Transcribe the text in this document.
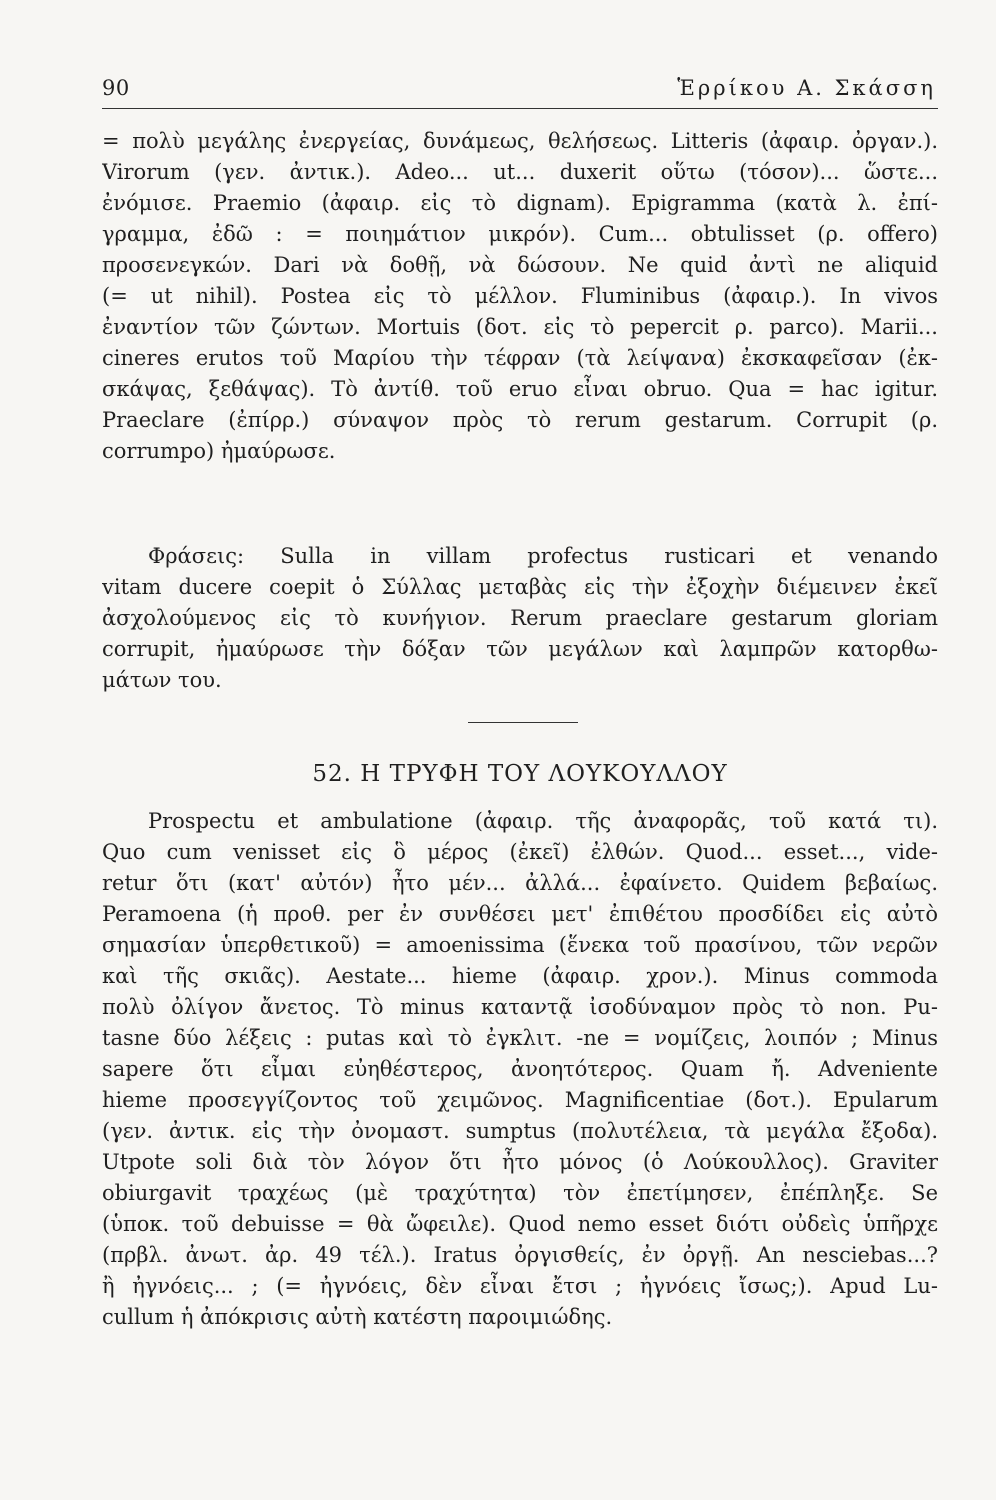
90	Ἑρρίκου Α. Σκάσση
= πολὺ μεγάλης ἐνεργείας, δυνάμεως, θελήσεως. Litteris (ἀφαιρ. ὀργαν.).
Virorum (γεν. ἀντικ.). Adeo... ut... duxerit οὕτω (τόσον)... ὥστε...
ἐνόμισε. Praemio (ἀφαιρ. εἰς τὸ dignam). Epigramma (κατὰ λ. ἐπί-
γραμμα, ἐδῶ : = ποιημάτιον μικρόν). Cum... obtulisset (ρ. offero)
προσενεγκών. Dari νὰ δοθῇ, νὰ δώσουν. Ne quid ἀντὶ ne aliquid
(= ut nihil). Postea εἰς τὸ μέλλον. Fluminibus (ἀφαιρ.). In vivos
ἐναντίον τῶν ζώντων. Mortuis (δοτ. εἰς τὸ pepercit ρ. parco). Marii...
cineres erutos τοῦ Μαρίου τὴν τέφραν (τὰ λείψανα) ἐκσκαφεῖσαν (ἐκ-
σκάψας, ξεθάψας). Τὸ ἀντίθ. τοῦ eruo εἶναι obruo. Qua = hac igitur.
Praeclare (ἐπίρρ.) σύναψον πρὸς τὸ rerum gestarum. Corrupit (ρ.
corrumpo) ἠμαύρωσε.
Φράσεις: Sulla in villam profectus rusticari et venando
vitam ducere coepit ὁ Σύλλας μεταβὰς εἰς τὴν ἐξοχὴν διέμεινεν ἐκεῖ
ἀσχολούμενος εἰς τὸ κυνήγιον. Rerum praeclare gestarum gloriam
corrupit, ἠμαύρωσε τὴν δόξαν τῶν μεγάλων καὶ λαμπρῶν κατορθω-
μάτων του.
52. Η ΤΡΥΦΗ ΤΟΥ ΛΟΥΚΟΥΛΛΟΥ
Prospectu et ambulatione (ἀφαιρ. τῆς ἀναφορᾶς, τοῦ κατά τι).
Quo cum venisset εἰς ὃ μέρος (ἐκεῖ) ἐλθών. Quod... esset..., vide-
retur ὅτι (κατ' αὐτόν) ἦτο μέν... ἀλλά... ἐφαίνετο. Quidem βεβαίως.
Peramoena (ἡ προθ. per ἐν συνθέσει μετ' ἐπιθέτου προσδίδει εἰς αὐτὸ
σημασίαν ὑπερθετικοῦ) = amoenissima (ἕνεκα τοῦ πρασίνου, τῶν νερῶν
καὶ τῆς σκιᾶς). Aestate... hieme (ἀφαιρ. χρον.). Minus commoda
πολὺ ὀλίγον ἄνετος. Τὸ minus καταντᾷ ἰσοδύναμον πρὸς τὸ non. Pu-
tasne δύο λέξεις : putas καὶ τὸ ἐγκλιτ. -ne = νομίζεις, λοιπόν ; Minus
sapere ὅτι εἶμαι εὐηθέστερος, ἀνοητότερος. Quam ἤ. Adveniente
hieme προσεγγίζοντος τοῦ χειμῶνος. Magnificentiae (δοτ.). Epularum
(γεν. ἀντικ. εἰς τὴν ὀνομαστ. sumptus (πολυτέλεια, τὰ μεγάλα ἔξοδα).
Utpote soli διὰ τὸν λόγον ὅτι ἦτο μόνος (ὁ Λούκουλλος). Graviter
obiurgavit τραχέως (μὲ τραχύτητα) τὸν ἐπετίμησεν, ἐπέπληξε. Se
(ὑποκ. τοῦ debuisse = θὰ ὤφειλε). Quod nemo esset διότι οὐδεὶς ὑπῆρχε
(πρβλ. ἀνωτ. ἀρ. 49 τέλ.). Iratus ὀργισθείς, ἐν ὀργῇ. An nesciebas...?
ἢ ἠγνόεις... ; (= ἠγνόεις, δὲν εἶναι ἔτσι ; ἠγνόεις ἴσως;). Apud Lu-
cullum ἡ ἀπόκρισις αὐτὴ κατέστη παροιμιώδης.
